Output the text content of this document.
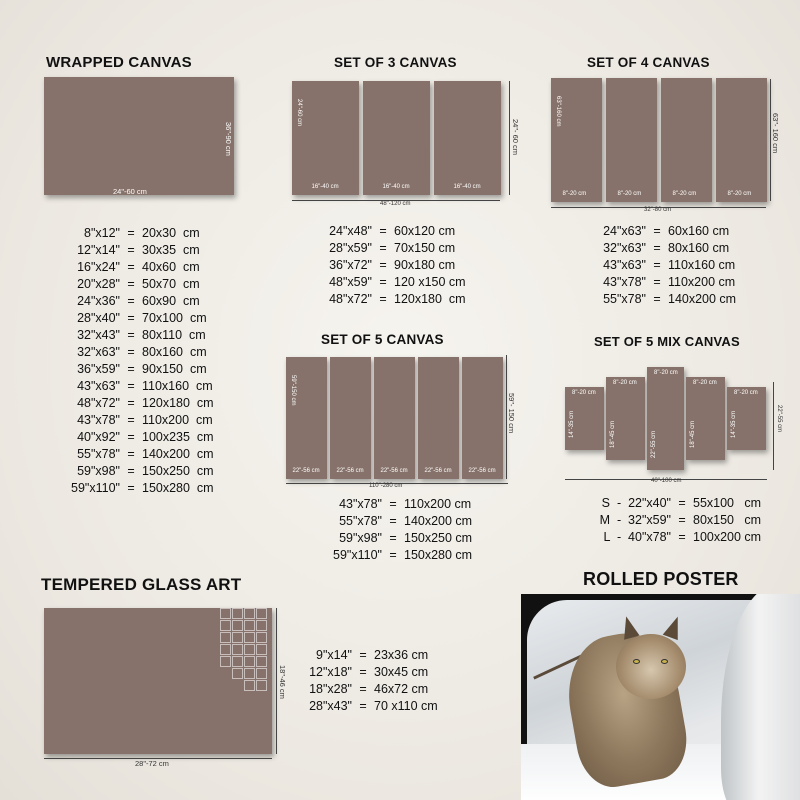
WRAPPED CANVAS
24"-60 cm
36"-90 cm
8"x12" = 20x30  cm
12"x14" = 30x35  cm
16"x24" = 40x60  cm
20"x28" = 50x70  cm
24"x36" = 60x90  cm
28"x40" = 70x100  cm
32"x43" = 80x110  cm
32"x63" = 80x160  cm
36"x59" = 90x150  cm
43"x63" = 110x160  cm
48"x72" = 120x180  cm
43"x78" = 110x200  cm
40"x92" = 100x235  cm
55"x78" = 140x200  cm
59"x98" = 150x250  cm
59"x110" = 150x280  cm
SET OF 3 CANVAS
16"-40 cm
24"-60 cm
16"-40 cm	16"-40 cm
48"-120 cm
24"- 60 cm
24"x48" = 60x120 cm
28"x59" = 70x150 cm
36"x72" = 90x180 cm
48"x59" = 120 x150 cm
48"x72" = 120x180  cm
SET OF 4 CANVAS
8"-20 cm
63"-160 cm
8"-20 cm	8"-20 cm	8"-20 cm
32"-80 cm
63"- 160 cm
24"x63" = 60x160 cm
32"x63" = 80x160 cm
43"x63" = 110x160 cm
43"x78" = 110x200 cm
55"x78" = 140x200 cm
SET OF 5 CANVAS
22"-56 cm
59"-150 cm
22"-56 cm	22"-56 cm	22"-56 cm	22"-56 cm
110"-280 cm
59"- 150 cm
43"x78" = 110x200 cm
55"x78" = 140x200 cm
59"x98" = 150x250 cm
59"x110" = 150x280 cm
SET OF 5 MIX CANVAS
8"-20 cm
14"-35 cm
8"-20 cm
18"-45 cm
8"-20 cm
22"-55 cm
8"-20 cm
18"-45 cm
8"-20 cm
14"-35 cm
40"-100 cm
22"-55 cm
S  -  22"x40" = 55x100   cm
M  -  32"x59" = 80x150   cm
L  -  40"x78" = 100x200 cm
TEMPERED GLASS ART
28"-72 cm
18"-46 cm
9"x14" = 23x36 cm
12"x18" = 30x45 cm
18"x28" = 46x72 cm
28"x43" = 70 x110 cm
ROLLED POSTER
